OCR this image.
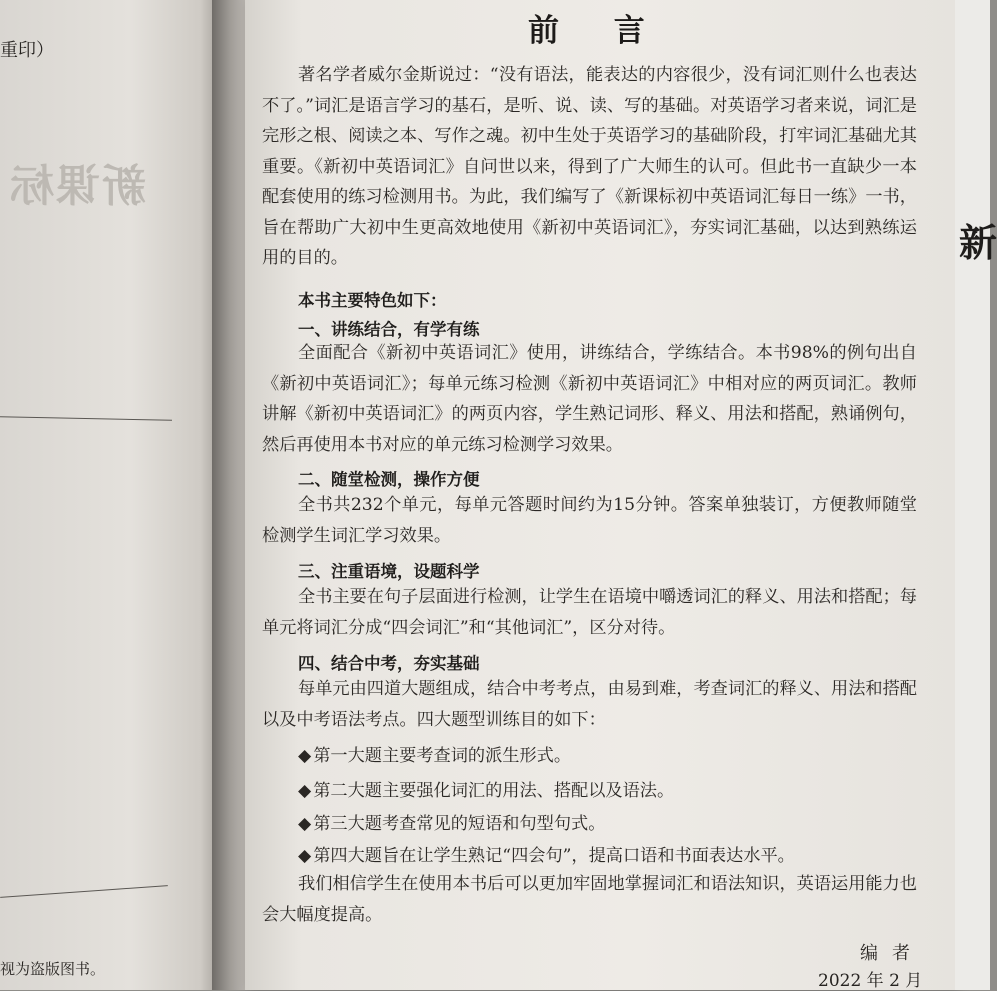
新课标
重印）
视为盗版图书。
新
前 言

著名学者威尔金斯说过：“没有语法，能表达的内容很少，没有词汇则什么也表达不了。”词汇是语言学习的基石，是听、说、读、写的基础。对英语学习者来说，词汇是完形之根、阅读之本、写作之魂。初中生处于英语学习的基础阶段，打牢词汇基础尤其重要。《新初中英语词汇》自问世以来，得到了广大师生的认可。但此书一直缺少一本配套使用的练习检测用书。为此，我们编写了《新课标初中英语词汇每日一练》一书，旨在帮助广大初中生更高效地使用《新初中英语词汇》，夯实词汇基础，以达到熟练运用的目的。

本书主要特色如下：

一、讲练结合，有学有练

全面配合《新初中英语词汇》使用，讲练结合，学练结合。本书98%的例句出自《新初中英语词汇》；每单元练习检测《新初中英语词汇》中相对应的两页词汇。教师讲解《新初中英语词汇》的两页内容，学生熟记词形、释义、用法和搭配，熟诵例句，然后再使用本书对应的单元练习检测学习效果。

二、随堂检测，操作方便

全书共232个单元，每单元答题时间约为15分钟。答案单独装订，方便教师随堂检测学生词汇学习效果。

三、注重语境，设题科学

全书主要在句子层面进行检测，让学生在语境中嚼透词汇的释义、用法和搭配；每单元将词汇分成“四会词汇”和“其他词汇”，区分对待。

四、结合中考，夯实基础

每单元由四道大题组成，结合中考考点，由易到难，考查词汇的释义、用法和搭配以及中考语法考点。四大题型训练目的如下：

◆ 第一大题主要考查词的派生形式。

◆ 第二大题主要强化词汇的用法、搭配以及语法。

◆ 第三大题考查常见的短语和句型句式。

◆ 第四大题旨在让学生熟记“四会句”，提高口语和书面表达水平。

我们相信学生在使用本书后可以更加牢固地掌握词汇和语法知识，英语运用能力也会大幅度提高。

编者
2022 年 2 月
